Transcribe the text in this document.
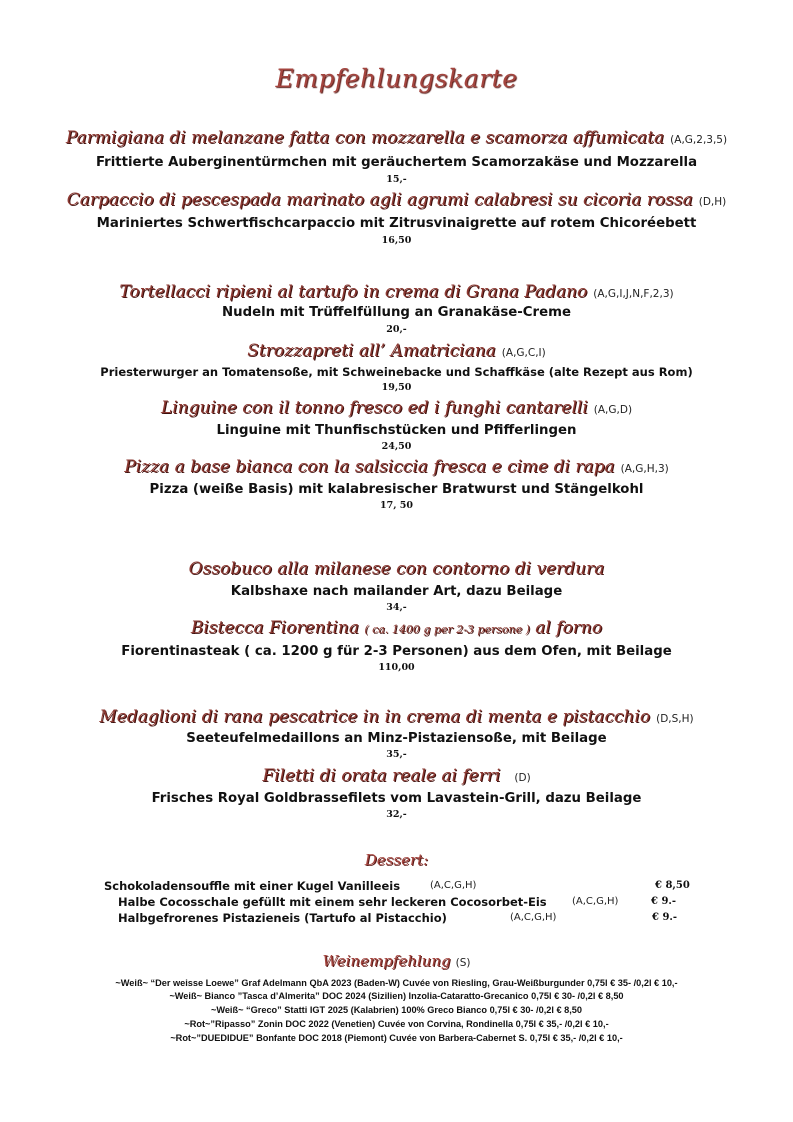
Empfehlungskarte
Parmigiana di melanzane fatta con mozzarella e scamorza affumicata (A,G,2,3,5)
Frittierte Auberginentürmchen mit geräuchertem Scamorzakäse und Mozzarella
15,-
Carpaccio di pescespada marinato agli agrumi calabresi su cicoria rossa (D,H)
Mariniertes Schwertfischcarpaccio mit Zitrusvinaigrette auf rotem Chicoréebett
16,50
Tortellacci ripieni al tartufo in crema di Grana Padano (A,G,I,J,N,F,2,3)
Nudeln mit Trüffelfüllung an Granakäse-Creme
20,-
Strozzapreti all’ Amatriciana (A,G,C,I)
Priesterwurger an Tomatensoße, mit Schweinebacke und Schaffkäse (alte Rezept aus Rom)
19,50
Linguine con il tonno fresco ed i funghi cantarelli (A,G,D)
Linguine mit Thunfischstücken und Pfifferlingen
24,50
Pizza a base bianca con la salsiccia fresca e cime di rapa (A,G,H,3)
Pizza (weiße Basis) mit kalabresischer Bratwurst und Stängelkohl
17, 50
Ossobuco alla milanese con contorno di verdura
Kalbshaxe nach mailander Art, dazu Beilage
34,-
Bistecca Fiorentina ( ca. 1400 g per 2-3 persone ) al forno
Fiorentinasteak ( ca. 1200 g für 2-3 Personen) aus dem Ofen, mit Beilage
110,00
Medaglioni di rana pescatrice in in crema di menta e pistacchio (D,S,H)
Seeteufelmedaillons an Minz-Pistaziensoße, mit Beilage
35,-
Filetti di orata reale ai ferri (D)
Frisches Royal Goldbrassefilets vom Lavastein-Grill, dazu Beilage
32,-
Dessert:
Schokoladensouffle mit einer Kugel Vanilleeis	(A,C,G,H)	€ 8,50
Halbe Cocosschale gefüllt mit einem sehr leckeren Cocosorbet-Eis	(A,C,G,H)	€ 9.-
Halbgefrorenes Pistazieneis (Tartufo al Pistacchio)	(A,C,G,H)	€ 9.-
Weinempfehlung (S)
~Weiß~ “Der weisse Loewe” Graf Adelmann QbA 2023 (Baden-W) Cuvée von Riesling, Grau-Weißburgunder 0,75l € 35- /0,2l € 10,-
~Weiß~ Bianco ”Tasca d’Almerita” DOC 2024 (Sizilien) Inzolia-Cataratto-Grecanico 0,75l € 30- /0,2l € 8,50
~Weiß~ “Greco” Statti IGT 2025 (Kalabrien) 100% Greco Bianco 0,75l € 30- /0,2l € 8,50
~Rot~”Ripasso” Zonin DOC 2022 (Venetien) Cuvée von Corvina, Rondinella 0,75l € 35,- /0,2l € 10,-
~Rot~”DUEDIDUE” Bonfante DOC 2018 (Piemont) Cuvée von Barbera-Cabernet S. 0,75l € 35,- /0,2l € 10,-
